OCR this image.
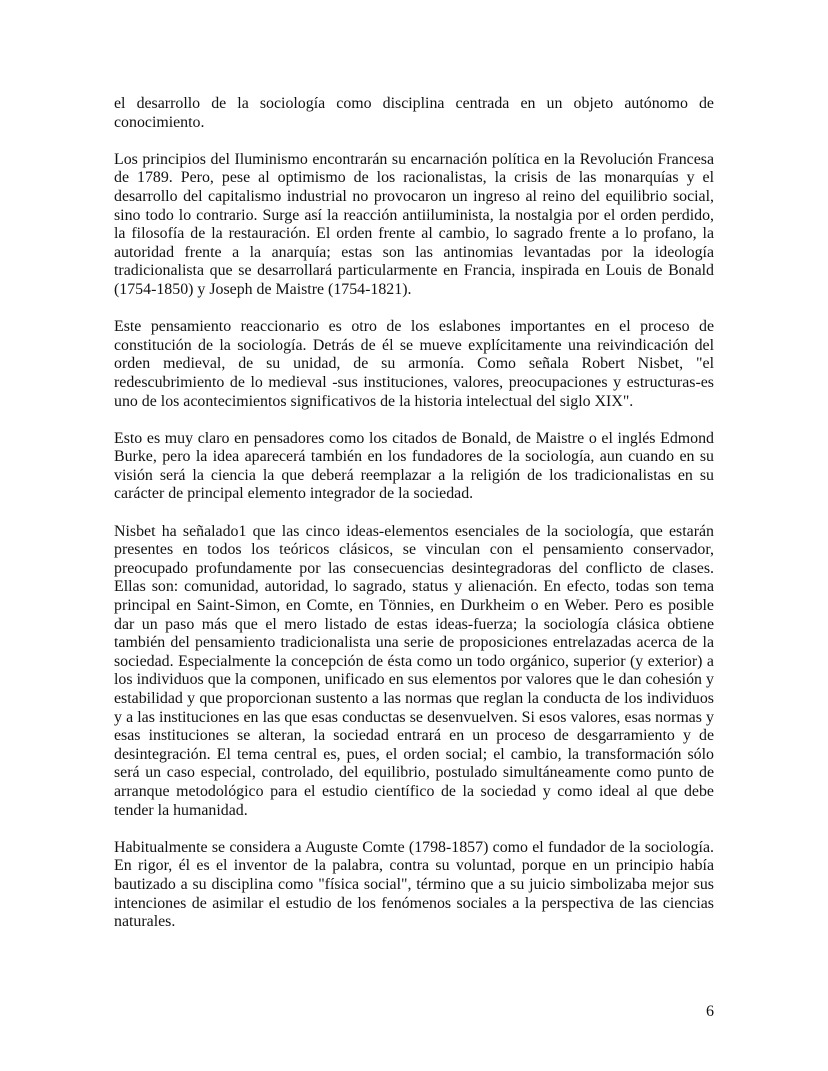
el desarrollo de la sociología como disciplina centrada en un objeto autónomo de conocimiento.

Los principios del Iluminismo encontrarán su encarnación política en la Revolución Francesa de 1789. Pero, pese al optimismo de los racionalistas, la crisis de las monarquías y el desarrollo del capitalismo industrial no provocaron un ingreso al reino del equilibrio social, sino todo lo contrario. Surge así la reacción antiiluminista, la nostalgia por el orden perdido, la filosofía de la restauración. El orden frente al cambio, lo sagrado frente a lo profano, la autoridad frente a la anarquía; estas son las antinomias levantadas por la ideología tradicionalista que se desarrollará particularmente en Francia, inspirada en Louis de Bonald (1754-1850) y Joseph de Maistre (1754-1821).

Este pensamiento reaccionario es otro de los eslabones importantes en el proceso de constitución de la sociología. Detrás de él se mueve explícitamente una reivindicación del orden medieval, de su unidad, de su armonía. Como señala Robert Nisbet, "el redescubrimiento de lo medieval -sus instituciones, valores, preocupaciones y estructuras-es uno de los acontecimientos significativos de la historia intelectual del siglo XIX".

Esto es muy claro en pensadores como los citados de Bonald, de Maistre o el inglés Edmond Burke, pero la idea aparecerá también en los fundadores de la sociología, aun cuando en su visión será la ciencia la que deberá reemplazar a la religión de los tradicionalistas en su carácter de principal elemento integrador de la sociedad.

Nisbet ha señalado1 que las cinco ideas-elementos esenciales de la sociología, que estarán presentes en todos los teóricos clásicos, se vinculan con el pensamiento conservador, preocupado profundamente por las consecuencias desintegradoras del conflicto de clases. Ellas son: comunidad, autoridad, lo sagrado, status y alienación. En efecto, todas son tema principal en Saint-Simon, en Comte, en Tönnies, en Durkheim o en Weber. Pero es posible dar un paso más que el mero listado de estas ideas-fuerza; la sociología clásica obtiene también del pensamiento tradicionalista una serie de proposiciones entrelazadas acerca de la sociedad. Especialmente la concepción de ésta como un todo orgánico, superior (y exterior) a los individuos que la componen, unificado en sus elementos por valores que le dan cohesión y estabilidad y que proporcionan sustento a las normas que reglan la conducta de los individuos y a las instituciones en las que esas conductas se desenvuelven. Si esos valores, esas normas y esas instituciones se alteran, la sociedad entrará en un proceso de desgarramiento y de desintegración. El tema central es, pues, el orden social; el cambio, la transformación sólo será un caso especial, controlado, del equilibrio, postulado simultáneamente como punto de arranque metodológico para el estudio científico de la sociedad y como ideal al que debe tender la humanidad.

Habitualmente se considera a Auguste Comte (1798-1857) como el fundador de la sociología. En rigor, él es el inventor de la palabra, contra su voluntad, porque en un principio había bautizado a su disciplina como "física social", término que a su juicio simbolizaba mejor sus intenciones de asimilar el estudio de los fenómenos sociales a la perspectiva de las ciencias naturales.

6
